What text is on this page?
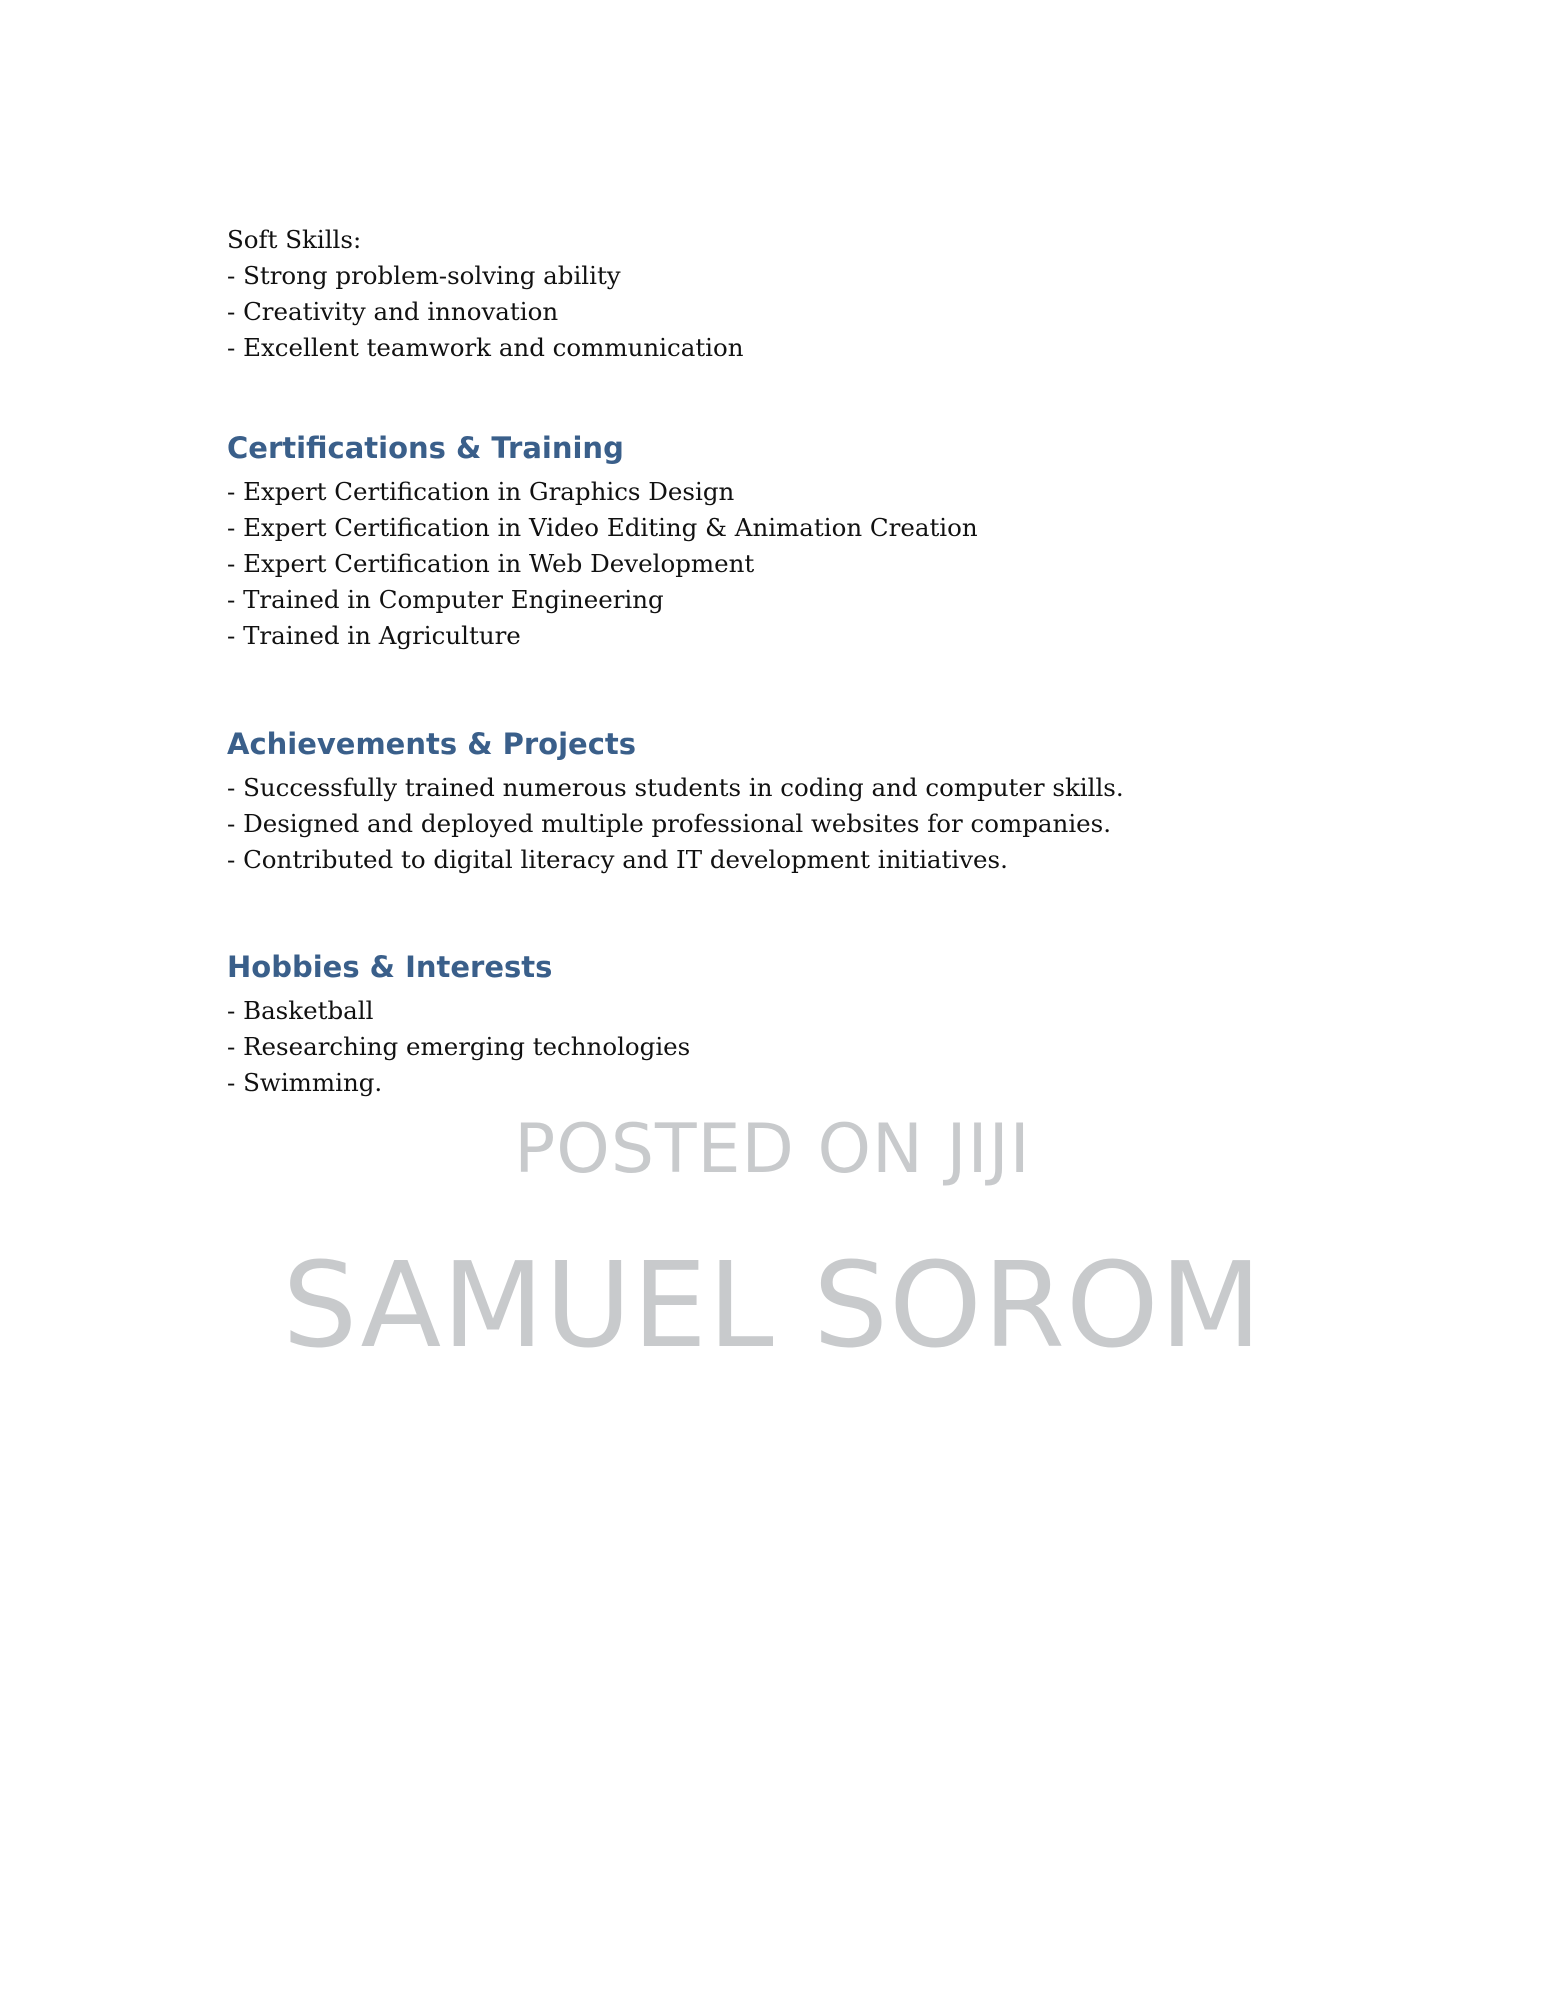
Soft Skills:
- Strong problem-solving ability
- Creativity and innovation
- Excellent teamwork and communication
Certifications & Training
- Expert Certification in Graphics Design
- Expert Certification in Video Editing & Animation Creation
- Expert Certification in Web Development
- Trained in Computer Engineering
- Trained in Agriculture
Achievements & Projects
- Successfully trained numerous students in coding and computer skills.
- Designed and deployed multiple professional websites for companies.
- Contributed to digital literacy and IT development initiatives.
Hobbies & Interests
- Basketball
- Researching emerging technologies
- Swimming.
POSTED ON JIJI
SAMUEL SOROM
